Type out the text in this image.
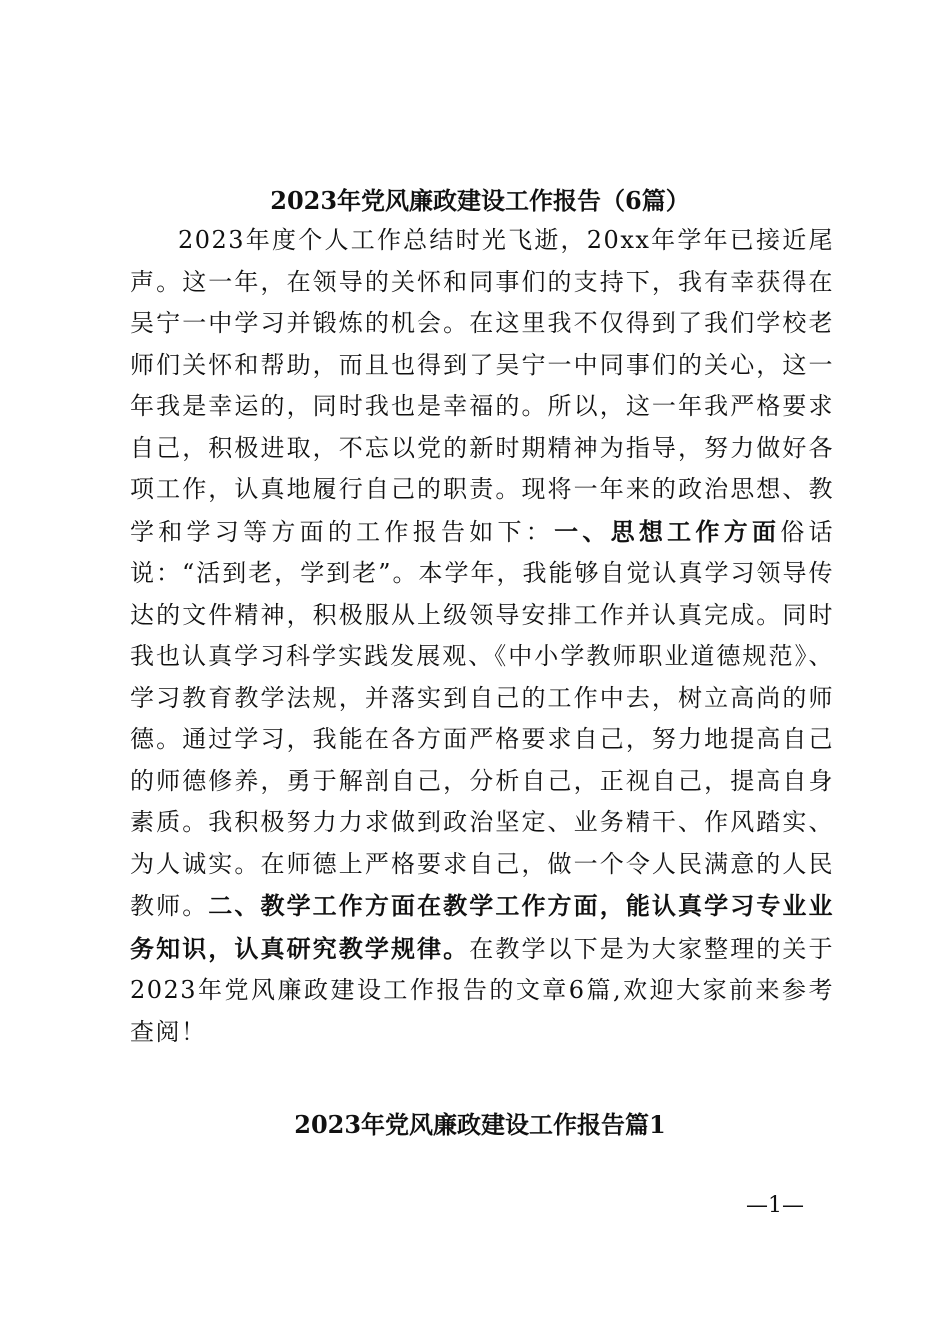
2023年党风廉政建设工作报告（6篇）

2023年度个人工作总结时光飞逝，20xx年学年已接近尾声。这一年，在领导的关怀和同事们的支持下，我有幸获得在吴宁一中学习并锻炼的机会。在这里我不仅得到了我们学校老师们关怀和帮助，而且也得到了吴宁一中同事们的关心，这一年我是幸运的，同时我也是幸福的。所以，这一年我严格要求自己，积极进取，不忘以党的新时期精神为指导，努力做好各项工作，认真地履行自己的职责。现将一年来的政治思想、教学和学习等方面的工作报告如下：一、思想工作方面俗话说：“活到老，学到老”。本学年，我能够自觉认真学习领导传达的文件精神，积极服从上级领导安排工作并认真完成。同时我也认真学习科学实践发展观、《中小学教师职业道德规范》、学习教育教学法规，并落实到自己的工作中去，树立高尚的师德。通过学习，我能在各方面严格要求自己，努力地提高自己的师德修养，勇于解剖自己，分析自己，正视自己，提高自身素质。我积极努力力求做到政治坚定、业务精干、作风踏实、为人诚实。在师德上严格要求自己，做一个令人民满意的人民教师。二、教学工作方面在教学工作方面，能认真学习专业业务知识，认真研究教学规律。在教学以下是为大家整理的关于2023年党风廉政建设工作报告的文章6篇,欢迎大家前来参考查阅！

2023年党风廉政建设工作报告篇1
—1—
